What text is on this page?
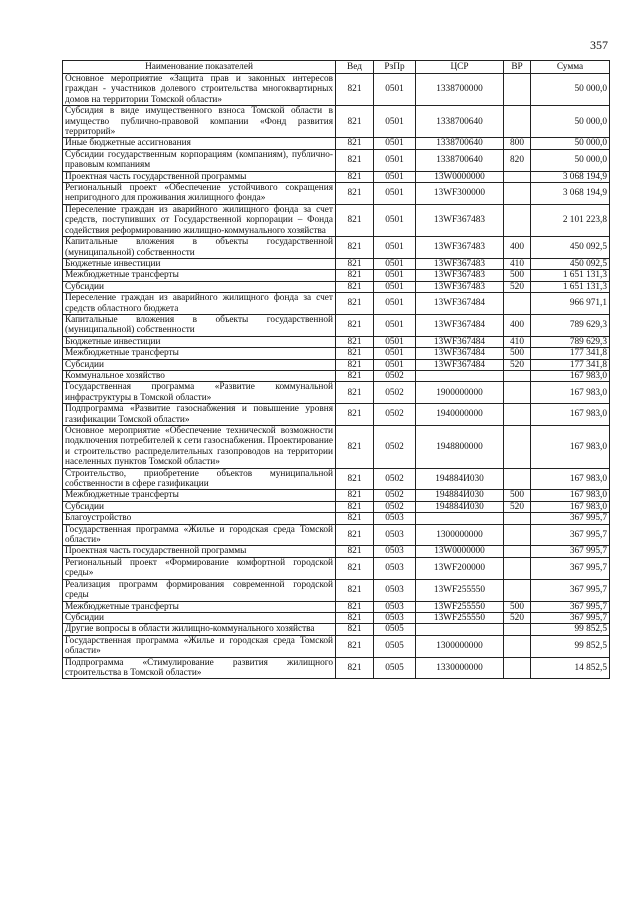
357
Наименование показателей	Вед	РзПр	ЦСР	ВР	Сумма
Основное мероприятие «Защита прав и законных интересов граждан - участников долевого строительства многоквартирных домов на территории Томской области»	821	0501	1338700000		50 000,0
Субсидия в виде имущественного взноса Томской области в имущество публично-правовой компании «Фонд развития территорий»	821	0501	1338700640		50 000,0
Иные бюджетные ассигнования	821	0501	1338700640	800	50 000,0
Субсидии государственным корпорациям (компаниям), публично-правовым компаниям	821	0501	1338700640	820	50 000,0
Проектная часть государственной программы	821	0501	13W0000000		3 068 194,9
Региональный проект «Обеспечение устойчивого сокращения непригодного для проживания жилищного фонда»	821	0501	13WF300000		3 068 194,9
Переселение граждан из аварийного жилищного фонда за счет средств, поступивших от Государственной корпорации – Фонда содействия реформированию жилищно-коммунального хозяйства	821	0501	13WF367483		2 101 223,8
Капитальные вложения в объекты государственной (муниципальной) собственности	821	0501	13WF367483	400	450 092,5
Бюджетные инвестиции	821	0501	13WF367483	410	450 092,5
Межбюджетные трансферты	821	0501	13WF367483	500	1 651 131,3
Субсидии	821	0501	13WF367483	520	1 651 131,3
Переселение граждан из аварийного жилищного фонда за счет средств областного бюджета	821	0501	13WF367484		966 971,1
Капитальные вложения в объекты государственной (муниципальной) собственности	821	0501	13WF367484	400	789 629,3
Бюджетные инвестиции	821	0501	13WF367484	410	789 629,3
Межбюджетные трансферты	821	0501	13WF367484	500	177 341,8
Субсидии	821	0501	13WF367484	520	177 341,8
Коммунальное хозяйство	821	0502			167 983,0
Государственная программа «Развитие коммунальной инфраструктуры в Томской области»	821	0502	1900000000		167 983,0
Подпрограмма «Развитие газоснабжения и повышение уровня газификации Томской области»	821	0502	1940000000		167 983,0
Основное мероприятие «Обеспечение технической возможности подключения потребителей к сети газоснабжения. Проектирование и строительство распределительных газопроводов на территории населенных пунктов Томской области»	821	0502	1948800000		167 983,0
Строительство, приобретение объектов муниципальной собственности в сфере газификации	821	0502	194884И030		167 983,0
Межбюджетные трансферты	821	0502	194884И030	500	167 983,0
Субсидии	821	0502	194884И030	520	167 983,0
Благоустройство	821	0503			367 995,7
Государственная программа «Жилье и городская среда Томской области»	821	0503	1300000000		367 995,7
Проектная часть государственной программы	821	0503	13W0000000		367 995,7
Региональный проект «Формирование комфортной городской среды»	821	0503	13WF200000		367 995,7
Реализация программ формирования современной городской среды	821	0503	13WF255550		367 995,7
Межбюджетные трансферты	821	0503	13WF255550	500	367 995,7
Субсидии	821	0503	13WF255550	520	367 995,7
Другие вопросы в области жилищно-коммунального хозяйства	821	0505			99 852,5
Государственная программа «Жилье и городская среда Томской области»	821	0505	1300000000		99 852,5
Подпрограмма «Стимулирование развития жилищного строительства в Томской области»	821	0505	1330000000		14 852,5
